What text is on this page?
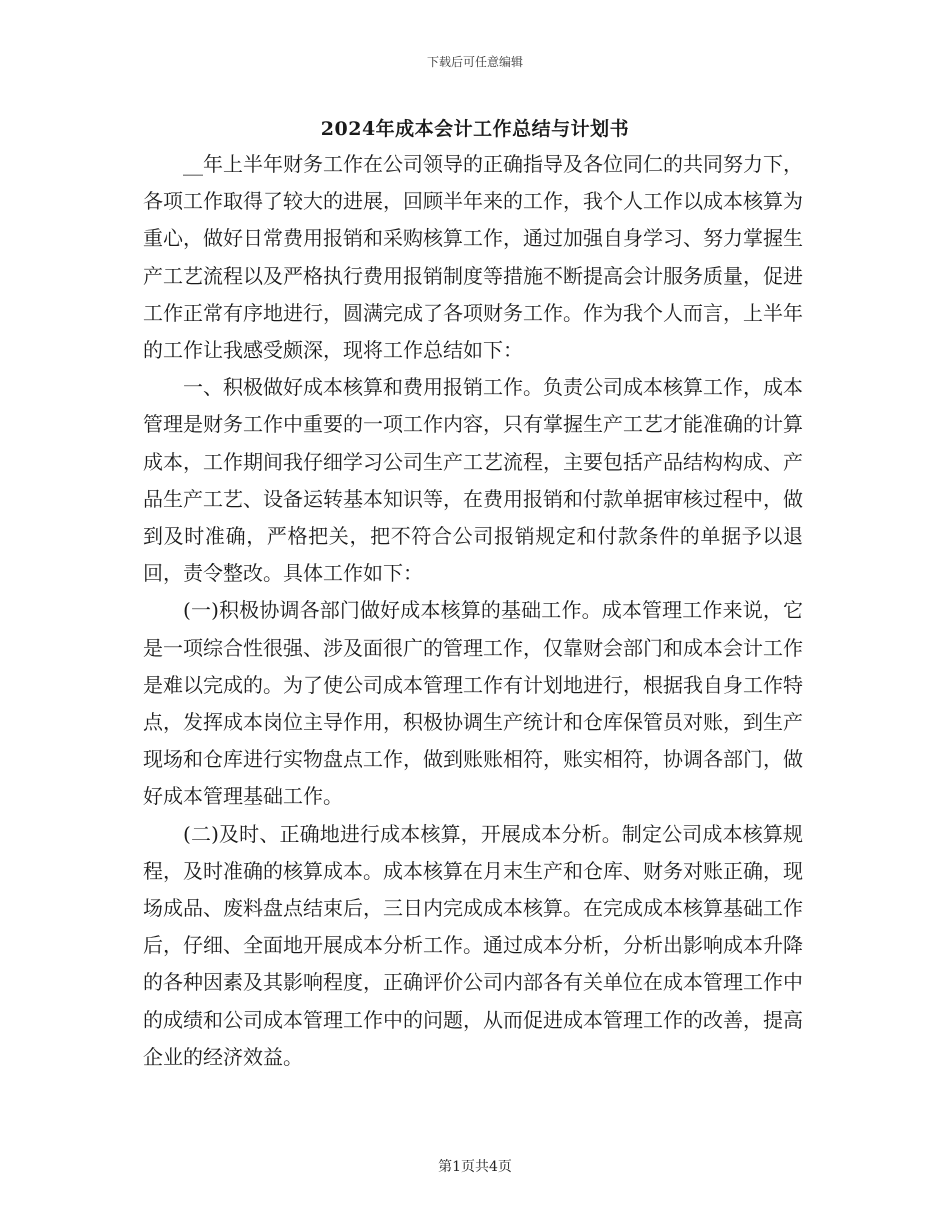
下载后可任意编辑
2024年成本会计工作总结与计划书

__年上半年财务工作在公司领导的正确指导及各位同仁的共同努力下，各项工作取得了较大的进展，回顾半年来的工作，我个人工作以成本核算为重心，做好日常费用报销和采购核算工作，通过加强自身学习、努力掌握生产工艺流程以及严格执行费用报销制度等措施不断提高会计服务质量，促进工作正常有序地进行，圆满完成了各项财务工作。作为我个人而言，上半年的工作让我感受颇深，现将工作总结如下：

一、积极做好成本核算和费用报销工作。负责公司成本核算工作，成本管理是财务工作中重要的一项工作内容，只有掌握生产工艺才能准确的计算成本，工作期间我仔细学习公司生产工艺流程，主要包括产品结构构成、产品生产工艺、设备运转基本知识等，在费用报销和付款单据审核过程中，做到及时准确，严格把关，把不符合公司报销规定和付款条件的单据予以退回，责令整改。具体工作如下：

(一)积极协调各部门做好成本核算的基础工作。成本管理工作来说，它是一项综合性很强、涉及面很广的管理工作，仅靠财会部门和成本会计工作是难以完成的。为了使公司成本管理工作有计划地进行，根据我自身工作特点，发挥成本岗位主导作用，积极协调生产统计和仓库保管员对账，到生产现场和仓库进行实物盘点工作，做到账账相符，账实相符，协调各部门，做好成本管理基础工作。

(二)及时、正确地进行成本核算，开展成本分析。制定公司成本核算规程，及时准确的核算成本。成本核算在月末生产和仓库、财务对账正确，现场成品、废料盘点结束后，三日内完成成本核算。在完成成本核算基础工作后，仔细、全面地开展成本分析工作。通过成本分析，分析出影响成本升降的各种因素及其影响程度，正确评价公司内部各有关单位在成本管理工作中的成绩和公司成本管理工作中的问题，从而促进成本管理工作的改善，提高企业的经济效益。

第1页共4页
